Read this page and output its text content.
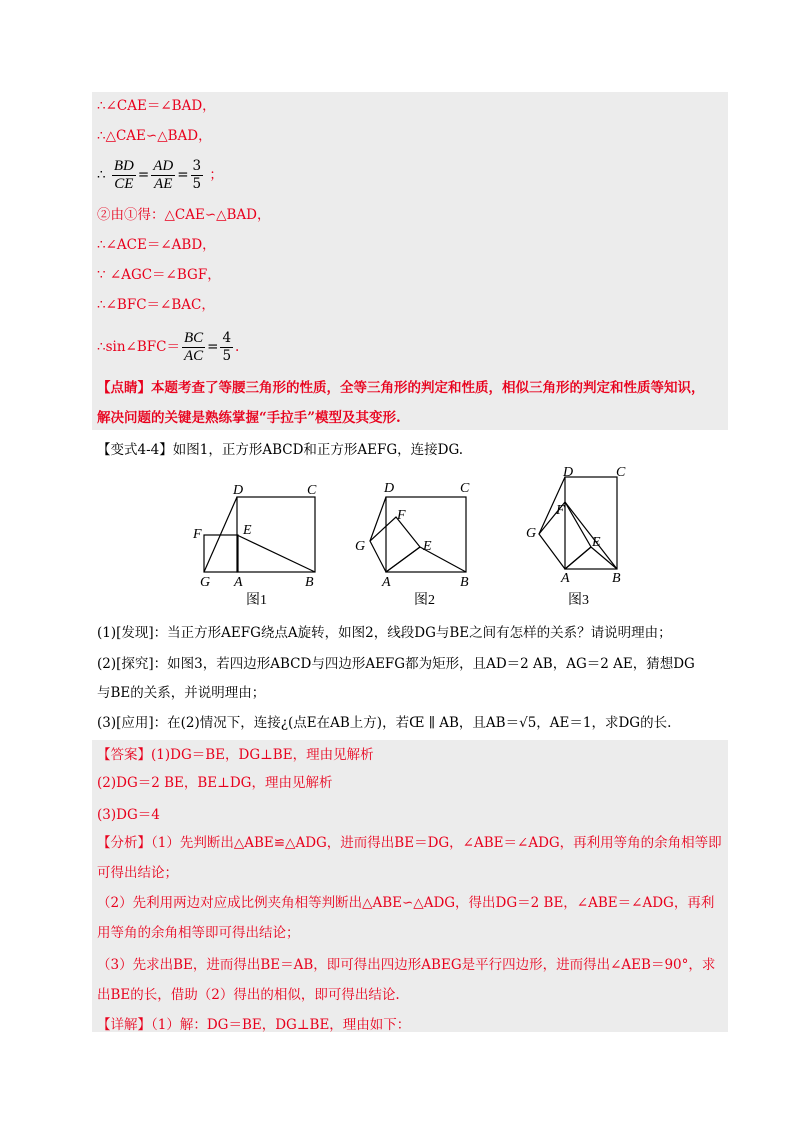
∴∠CAE＝∠BAD，
∴△CAE∽△BAD，
∴ $\frac{BD}{CE} = \frac{AD}{AE} = \frac{3}{5}$ ；
②由①得：△CAE∽△BAD，
∴∠ACE＝∠ABD，
∵ ∠AGC＝∠BGF，
∴∠BFC＝∠BAC，
∴sin∠BFC＝ $\frac{BC}{AC} = \frac{4}{5}$ .
【点睛】本题考查了等腰三角形的性质，全等三角形的判定和性质，相似三角形的判定和性质等知识，
解决问题的关键是熟练掌握“手拉手”模型及其变形.
【变式4-4】如图1，正方形ABCD和正方形AEFG，连接DG.
D	C
F	E
G A	B
图1
D	C
F
G	E
A	B
图2
D	C
F
G
E
A	B
图3
(1)[发现]：当正方形AEFG绕点A旋转，如图2，线段DG与BE之间有怎样的关系？请说明理由；
(2)[探究]：如图3，若四边形ABCD与四边形AEFG都为矩形，且AD＝2 AB，AG＝2 AE，猜想DG
与BE的关系，并说明理由；
(3)[应用]：在(2)情况下，连接¿(点E在AB上方)，若Œ ∥ AB，且AB＝√5，AE＝1，求DG的长.
【答案】(1)DG＝BE，DG⊥BE，理由见解析
(2)DG＝2 BE，BE⊥DG，理由见解析
(3)DG＝4
【分析】（1）先判断出△ABE≌△ADG，进而得出BE＝DG，∠ABE＝∠ADG，再利用等角的余角相等即可得出结论；
（2）先利用两边对应成比例夹角相等判断出△ABE∽△ADG，得出DG＝2 BE，∠ABE＝∠ADG，再利用等角的余角相等即可得出结论；
（3）先求出BE，进而得出BE＝AB，即可得出四边形ABEG是平行四边形，进而得出∠AEB＝90°，求出BE的长，借助（2）得出的相似，即可得出结论.
【详解】（1）解：DG＝BE，DG⊥BE，理由如下：
